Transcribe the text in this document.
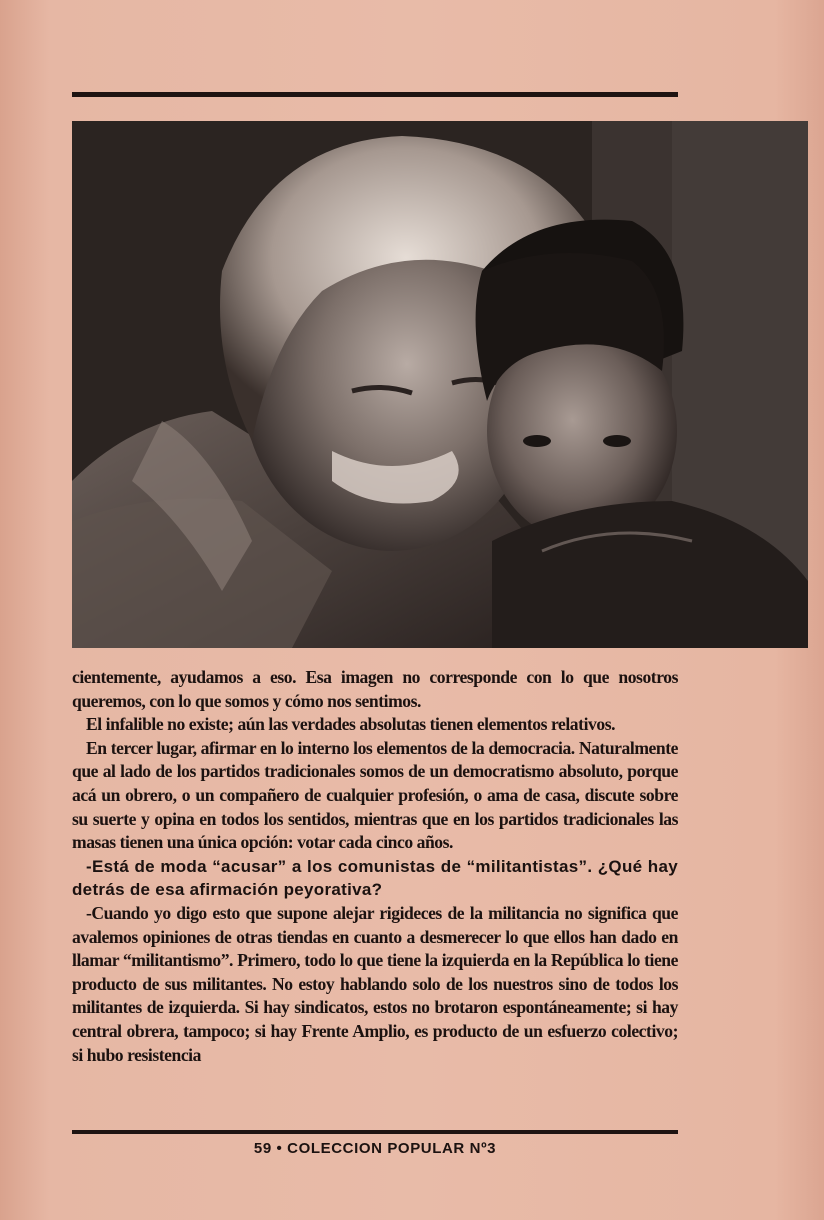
cientemente, ayudamos a eso. Esa imagen no corresponde con lo que nosotros queremos, con lo que somos y cómo nos sentimos.

El infalible no existe; aún las verdades absolutas tienen elementos relativos.

En tercer lugar, afirmar en lo interno los elementos de la democracia. Naturalmente que al lado de los partidos tradicionales somos de un democratismo absoluto, porque acá un obrero, o un compañero de cualquier profesión, o ama de casa, discute sobre su suerte y opina en todos los sentidos, mientras que en los partidos tradicionales las masas tienen una única opción: votar cada cinco años.

-Está de moda “acusar” a los comunistas de “militantistas”. ¿Qué hay detrás de esa afirmación peyorativa?

-Cuando yo digo esto que supone alejar rigideces de la militancia no significa que avalemos opiniones de otras tiendas en cuanto a desmerecer lo que ellos han dado en llamar “militantismo”. Primero, todo lo que tiene la izquierda en la República lo tiene producto de sus militantes. No estoy hablando solo de los nuestros sino de todos los militantes de izquierda. Si hay sindicatos, estos no brotaron espontáneamente; si hay central obrera, tampoco; si hay Frente Amplio, es producto de un esfuerzo colectivo; si hubo resistencia

59 • COLECCION POPULAR Nº3
